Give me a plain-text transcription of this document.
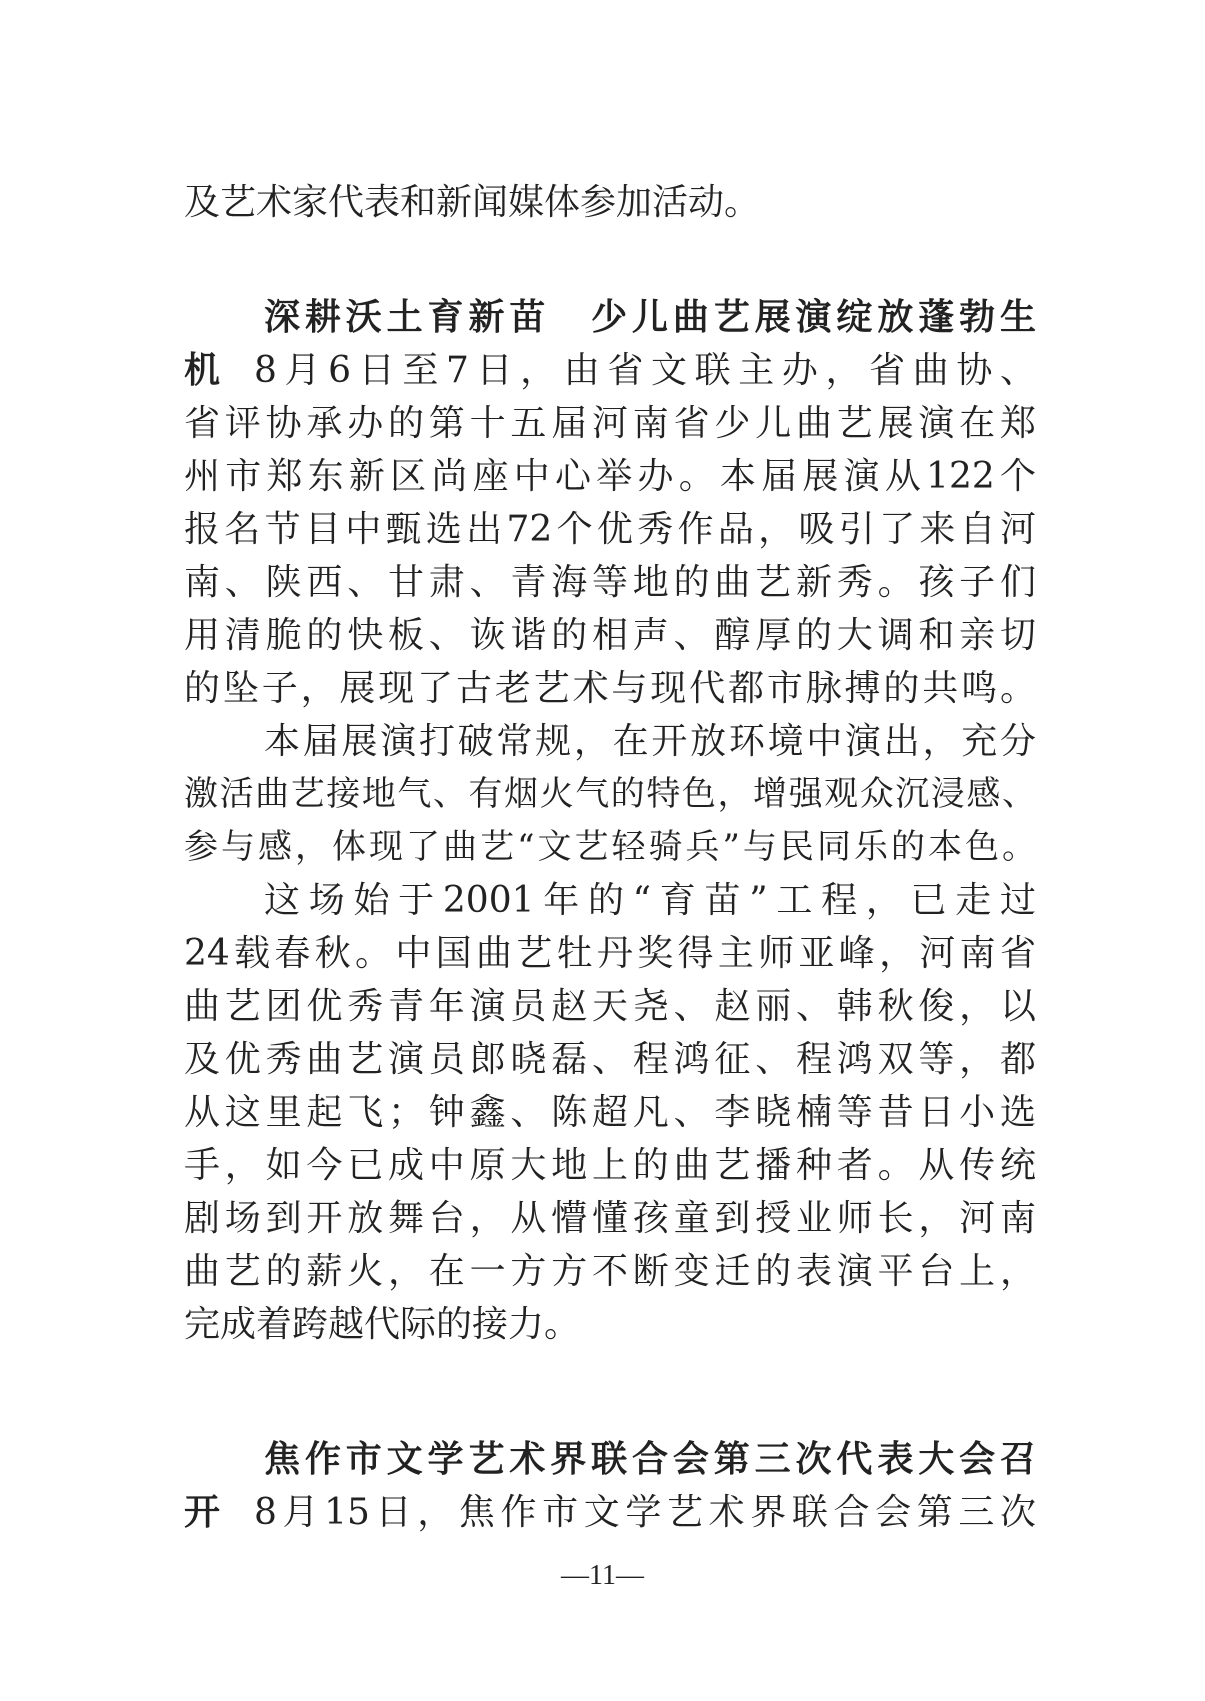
及艺术家代表和新闻媒体参加活动。
深耕沃土育新苗　少儿曲艺展演绽放蓬勃生
机 8月6日至7日，由省文联主办，省曲协、
省评协承办的第十五届河南省少儿曲艺展演在郑
州市郑东新区尚座中心举办。本届展演从122个
报名节目中甄选出72个优秀作品，吸引了来自河
南、陕西、甘肃、青海等地的曲艺新秀。孩子们
用清脆的快板、诙谐的相声、醇厚的大调和亲切
的坠子，展现了古老艺术与现代都市脉搏的共鸣。
本届展演打破常规，在开放环境中演出，充分
激活曲艺接地气、有烟火气的特色，增强观众沉浸感、
参与感，体现了曲艺“文艺轻骑兵”与民同乐的本色。
这场始于2001年的“育苗”工程，已走过
24载春秋。中国曲艺牡丹奖得主师亚峰，河南省
曲艺团优秀青年演员赵天尧、赵丽、韩秋俊，以
及优秀曲艺演员郎晓磊、程鸿征、程鸿双等，都
从这里起飞；钟鑫、陈超凡、李晓楠等昔日小选
手，如今已成中原大地上的曲艺播种者。从传统
剧场到开放舞台，从懵懂孩童到授业师长，河南
曲艺的薪火，在一方方不断变迁的表演平台上，
完成着跨越代际的接力。
焦作市文学艺术界联合会第三次代表大会召
开 8月15日，焦作市文学艺术界联合会第三次
—11—
